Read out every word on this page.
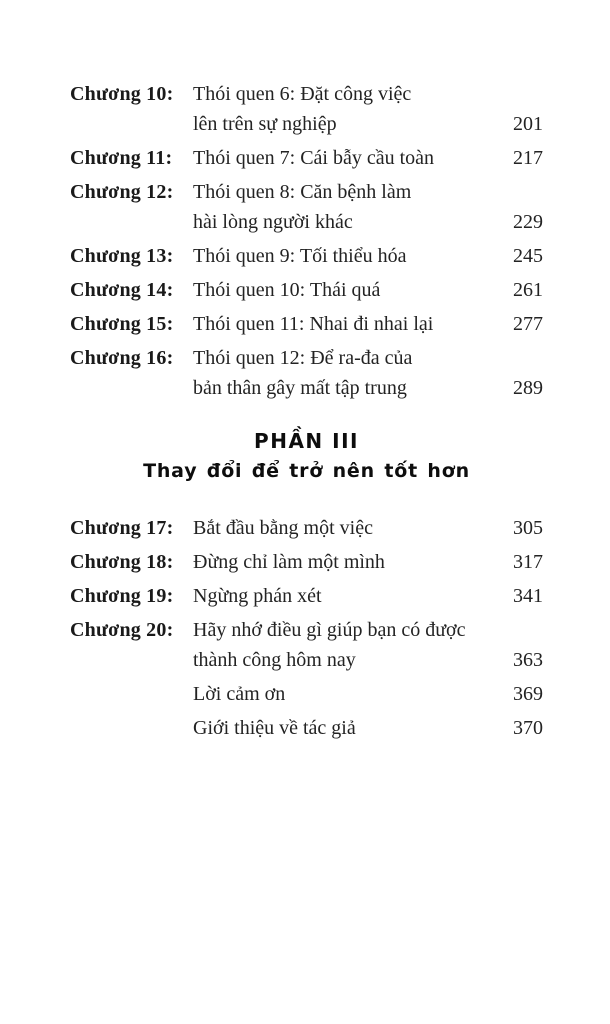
Chương 10: Thói quen 6: Đặt công việc
lên trên sự nghiệp	201
Chương 11:	Thói quen 7: Cái bẫy cầu toàn	217
Chương 12: Thói quen 8: Căn bệnh làm
hài lòng người khác	229
Chương 13: Thói quen 9: Tối thiểu hóa	245
Chương 14: Thói quen 10: Thái quá	261
Chương 15: Thói quen 11: Nhai đi nhai lại	277
Chương 16: Thói quen 12: Để ra-đa của
bản thân gây mất tập trung	289
PHẦN III
Thay đổi để trở nên tốt hơn
Chương 17: Bắt đầu bằng một việc	305
Chương 18: Đừng chỉ làm một mình	317
Chương 19: Ngừng phán xét	341
Chương 20: Hãy nhớ điều gì giúp bạn có được
thành công hôm nay	363
Lời cảm ơn	369
Giới thiệu về tác giả	370
